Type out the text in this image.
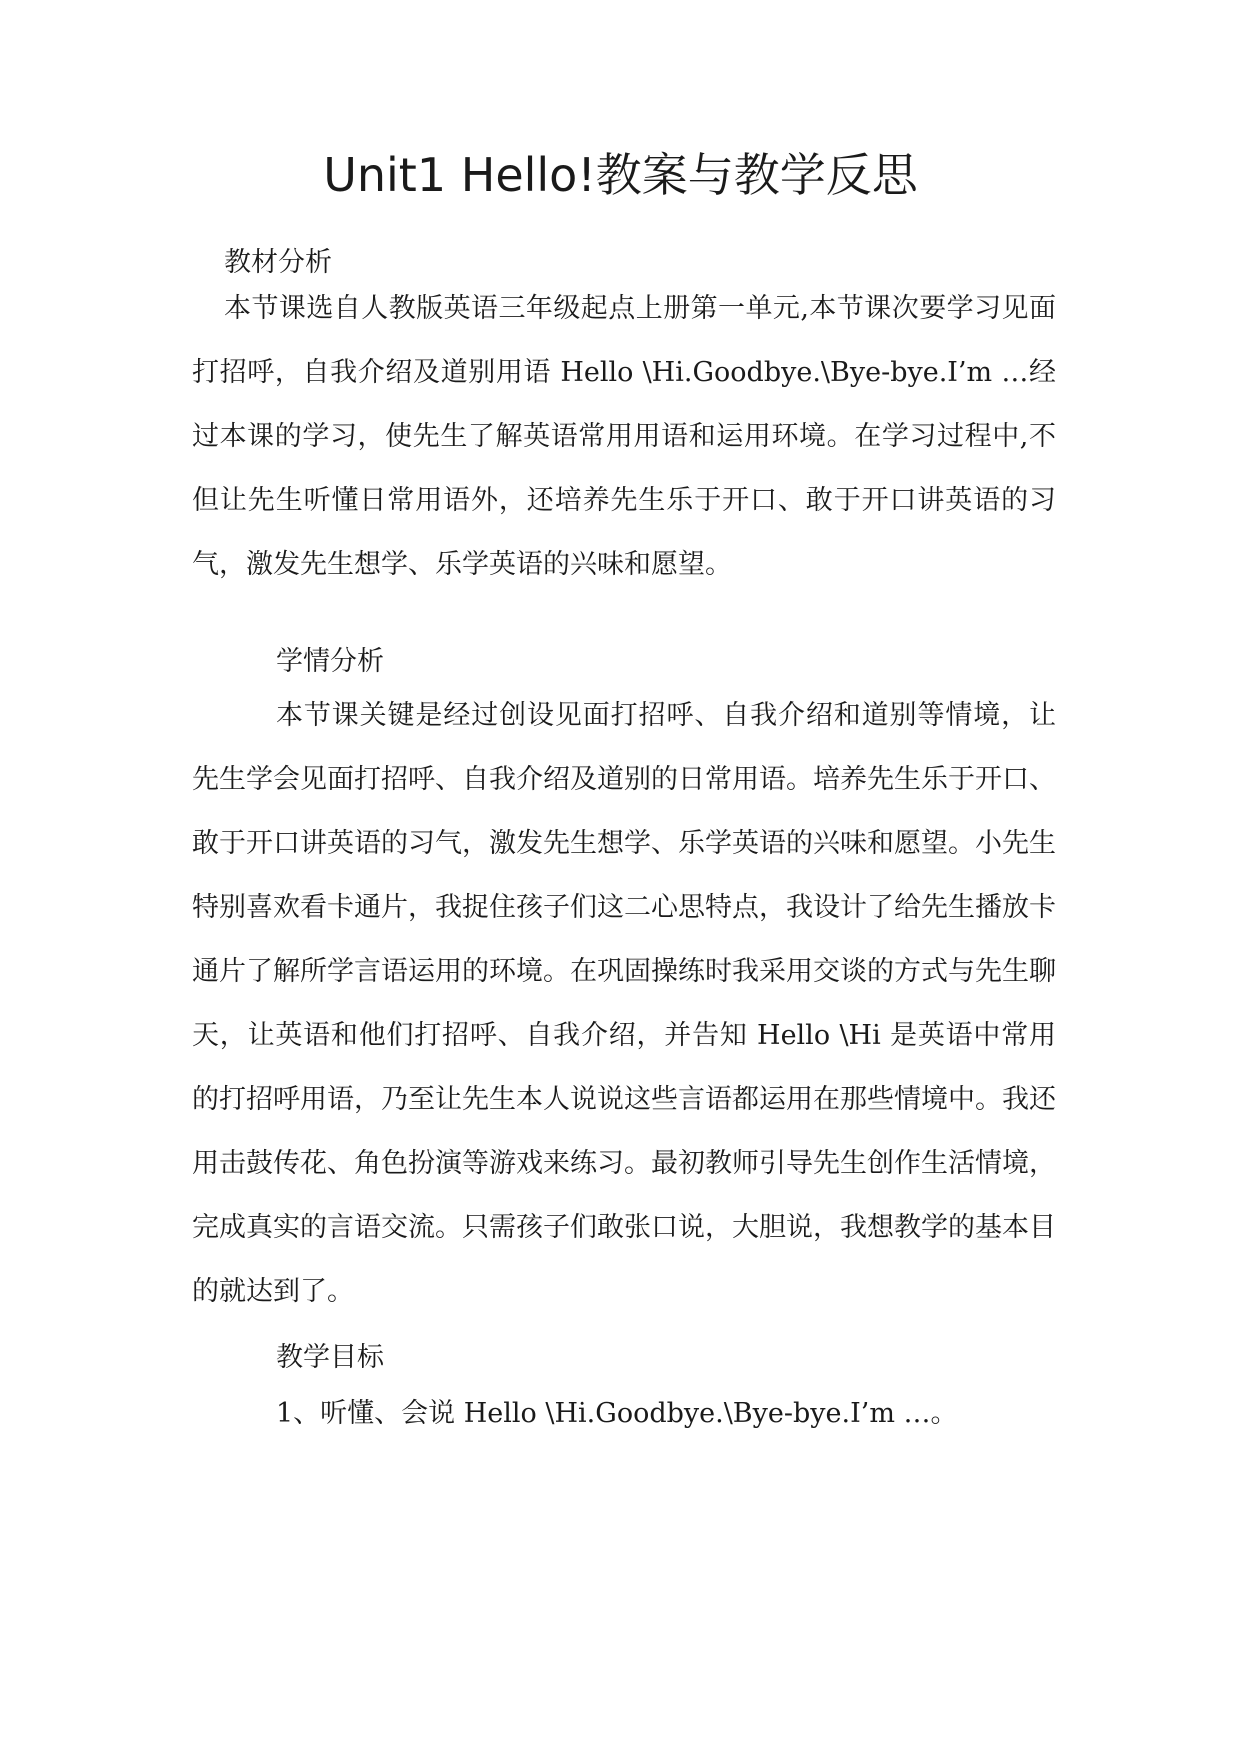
Unit1 Hello!教案与教学反思
教材分析

本节课选自人教版英语三年级起点上册第一单元,本节课次要学习见面打招呼，自我介绍及道别用语 Hello \Hi.Goodbye.\Bye-bye.I’m …经过本课的学习，使先生了解英语常用用语和运用环境。在学习过程中,不但让先生听懂日常用语外，还培养先生乐于开口、敢于开口讲英语的习气，激发先生想学、乐学英语的兴味和愿望。

学情分析

本节课关键是经过创设见面打招呼、自我介绍和道别等情境，让先生学会见面打招呼、自我介绍及道别的日常用语。培养先生乐于开口、敢于开口讲英语的习气，激发先生想学、乐学英语的兴味和愿望。小先生特别喜欢看卡通片，我捉住孩子们这二心思特点，我设计了给先生播放卡通片了解所学言语运用的环境。在巩固操练时我采用交谈的方式与先生聊天，让英语和他们打招呼、自我介绍，并告知 Hello \Hi 是英语中常用的打招呼用语，乃至让先生本人说说这些言语都运用在那些情境中。我还用击鼓传花、角色扮演等游戏来练习。最初教师引导先生创作生活情境，完成真实的言语交流。只需孩子们敢张口说，大胆说，我想教学的基本目的就达到了。

教学目标
1、听懂、会说 Hello \Hi.Goodbye.\Bye-bye.I’m …。
